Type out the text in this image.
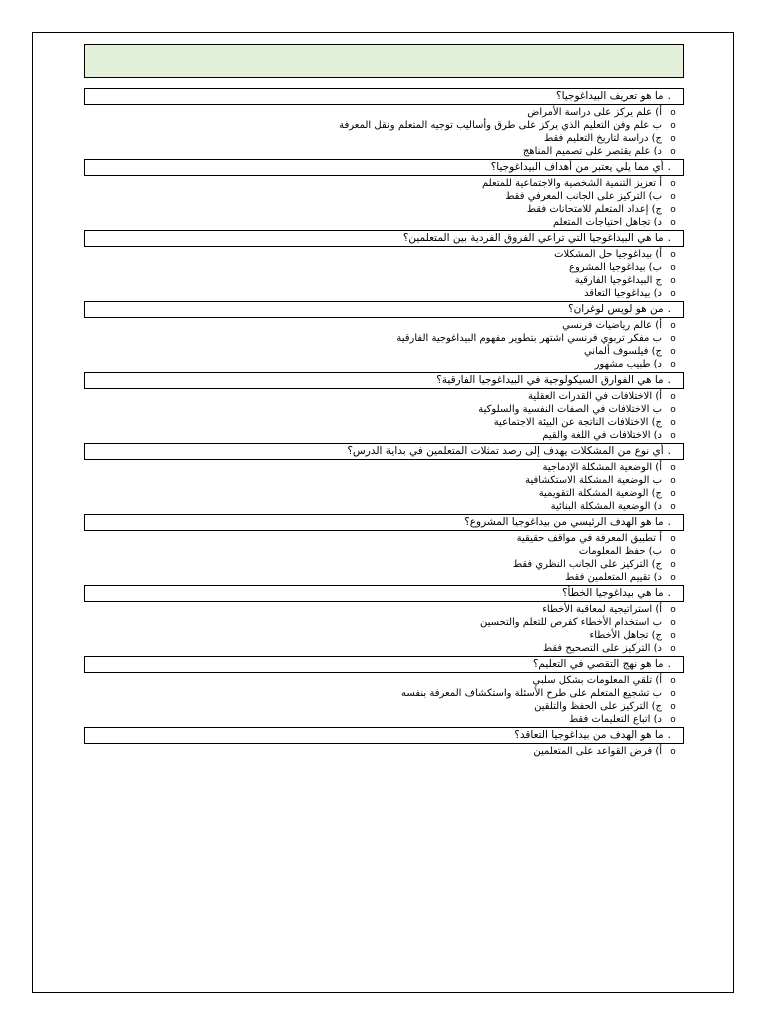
.ما هو تعريف البيداغوجيا؟
oأ) علم يركز على دراسة الأمراض
oب علم وفن التعليم الذي يركز على طرق وأساليب توجيه المتعلم ونقل المعرفة
oج) دراسة لتاريخ التعليم فقط
oد) علم يقتصر على تصميم المناهج
.أي مما يلي يعتبر من أهداف البيداغوجيا؟
oأ تعزيز التنمية الشخصية والاجتماعية للمتعلم
oب) التركيز على الجانب المعرفي فقط
oج) إعداد المتعلم للامتحانات فقط
oد) تجاهل احتياجات المتعلم
.ما هي البيداغوجيا التي تراعي الفروق الفردية بين المتعلمين؟
oأ) بيداغوجيا حل المشكلات
oب) بيداغوجيا المشروع
oج البيداغوجيا الفارقية
oد) بيداغوجيا التعاقد
.من هو لويس لوغران؟
oأ) عالم رياضيات فرنسي
oب مفكر تربوي فرنسي اشتهر بتطوير مفهوم البيداغوجية الفارقية
oج) فيلسوف ألماني
oد) طبيب مشهور
.ما هي الفوارق السيكولوجية في البيداغوجيا الفارقية؟
oأ) الاختلافات في القدرات العقلية
oب الاختلافات في الصفات النفسية والسلوكية
oج) الاختلافات الناتجة عن البيئة الاجتماعية
oد) الاختلافات في اللغة والقيم
.أي نوع من المشكلات يهدف إلى رصد تمثلات المتعلمين في بداية الدرس؟
oأ) الوضعية المشكلة الإدماجية
oب الوضعية المشكلة الاستكشافية
oج) الوضعية المشكلة التقويمية
oد) الوضعية المشكلة البنائية
.ما هو الهدف الرئيسي من بيداغوجيا المشروع؟
oأ تطبيق المعرفة في مواقف حقيقية
oب) حفظ المعلومات
oج) التركيز على الجانب النظري فقط
oد) تقييم المتعلمين فقط
.ما هي بيداغوجيا الخطأ؟
oأ) استراتيجية لمعاقبة الأخطاء
oب استخدام الأخطاء كفرص للتعلم والتحسين
oج) تجاهل الأخطاء
oد) التركيز على التصحيح فقط
.ما هو نهج التقصي في التعليم؟
oأ) تلقي المعلومات بشكل سلبي
oب تشجيع المتعلم على طرح الأسئلة واستكشاف المعرفة بنفسه
oج) التركيز على الحفظ والتلقين
oد) اتباع التعليمات فقط
.ما هو الهدف من بيداغوجيا التعاقد؟
oأ) فرض القواعد على المتعلمين
